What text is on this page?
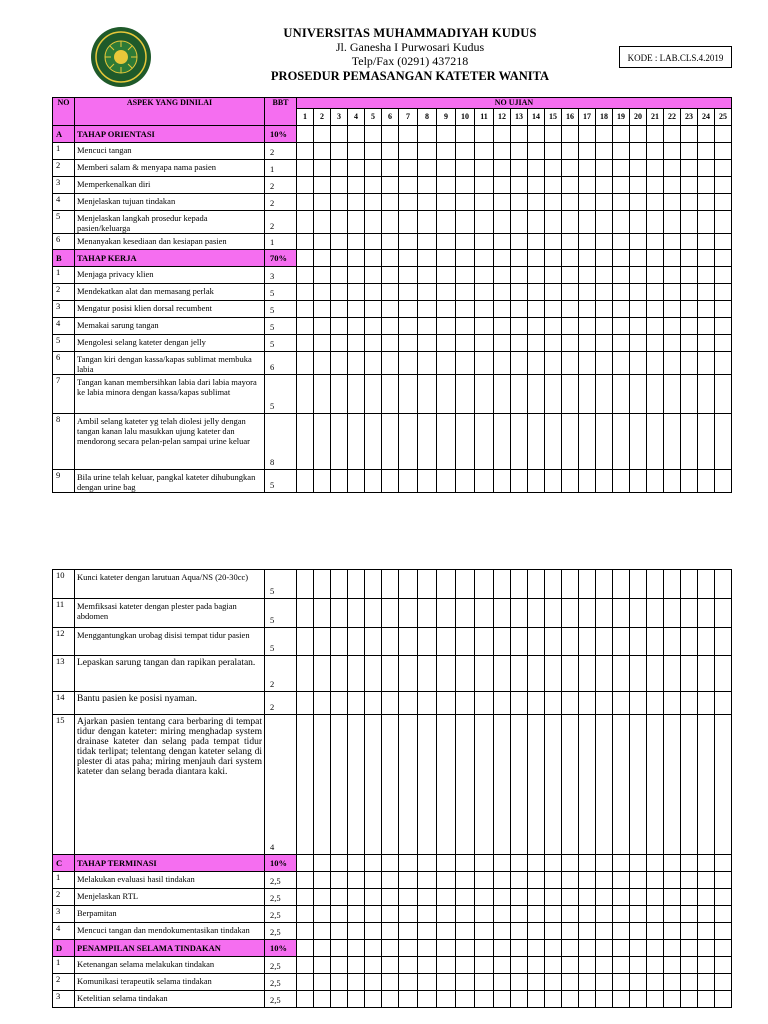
UNIVERSITAS MUHAMMADIYAH KUDUS
Jl. Ganesha I Purwosari Kudus
Telp/Fax (0291) 437218
PROSEDUR PEMASANGAN KATETER WANITA
KODE : LAB.CLS.4.2019
NO	ASPEK YANG DINILAI	BBT	NO UJIAN																								
			1	2	3	4	5	6	7	8	9	10	11	12	13	14	15	16	17	18	19	20	21	22	23	24	25
A	TAHAP ORIENTASI	10%																									
1	Mencuci tangan	2																									
2	Memberi salam & menyapa nama pasien	1																									
3	Memperkenalkan diri	2																									
4	Menjelaskan tujuan tindakan	2																									
5	Menjelaskan langkah prosedur kepada pasien/keluarga	2																									
6	Menanyakan kesediaan dan kesiapan pasien	1																									
B	TAHAP KERJA	70%																									
1	Menjaga privacy klien	3																									
2	Mendekatkan alat dan memasang perlak	5																									
3	Mengatur posisi klien dorsal recumbent	5																									
4	Memakai sarung tangan	5																									
5	Mengolesi selang kateter dengan jelly	5																									
6	Tangan kiri dengan kassa/kapas sublimat membuka labia	6																									
7	Tangan kanan membersihkan labia dari labia mayora ke labia minora dengan kassa/kapas sublimat	5																									
8	Ambil selang kateter yg telah diolesi jelly dengan tangan kanan lalu masukkan ujung kateter dan mendorong secara pelan-pelan sampai urine keluar	8																									
9	Bila urine telah keluar, pangkal kateter dihubungkan dengan urine bag	5																									
10	Kunci kateter dengan larutuan Aqua/NS (20-30cc)	5																									
11	Memfiksasi kateter dengan plester pada bagian abdomen	5																									
12	Menggantungkan urobag disisi tempat tidur pasien	5																									
13	Lepaskan sarung tangan dan rapikan peralatan.	2																									
14	Bantu pasien ke posisi nyaman.	2																									
15	Ajarkan pasien tentang cara berbaring di tempat tidur dengan kateter: miring menghadap system drainase kateter dan selang pada tempat tidur tidak terlipat; telentang dengan kateter selang di plester di atas paha; miring menjauh dari system kateter dan selang berada diantara kaki.	4																									
C	TAHAP TERMINASI	10%																									
1	Melakukan evaluasi hasil tindakan	2,5																									
2	Menjelaskan RTL	2,5																									
3	Berpamitan	2,5																									
4	Mencuci tangan dan mendokumentasikan tindakan	2,5																									
D	PENAMPILAN SELAMA TINDAKAN	10%																									
1	Ketenangan selama melakukan tindakan	2,5																									
2	Komunikasi terapeutik selama tindakan	2,5																									
3	Ketelitian selama tindakan	2,5																									
